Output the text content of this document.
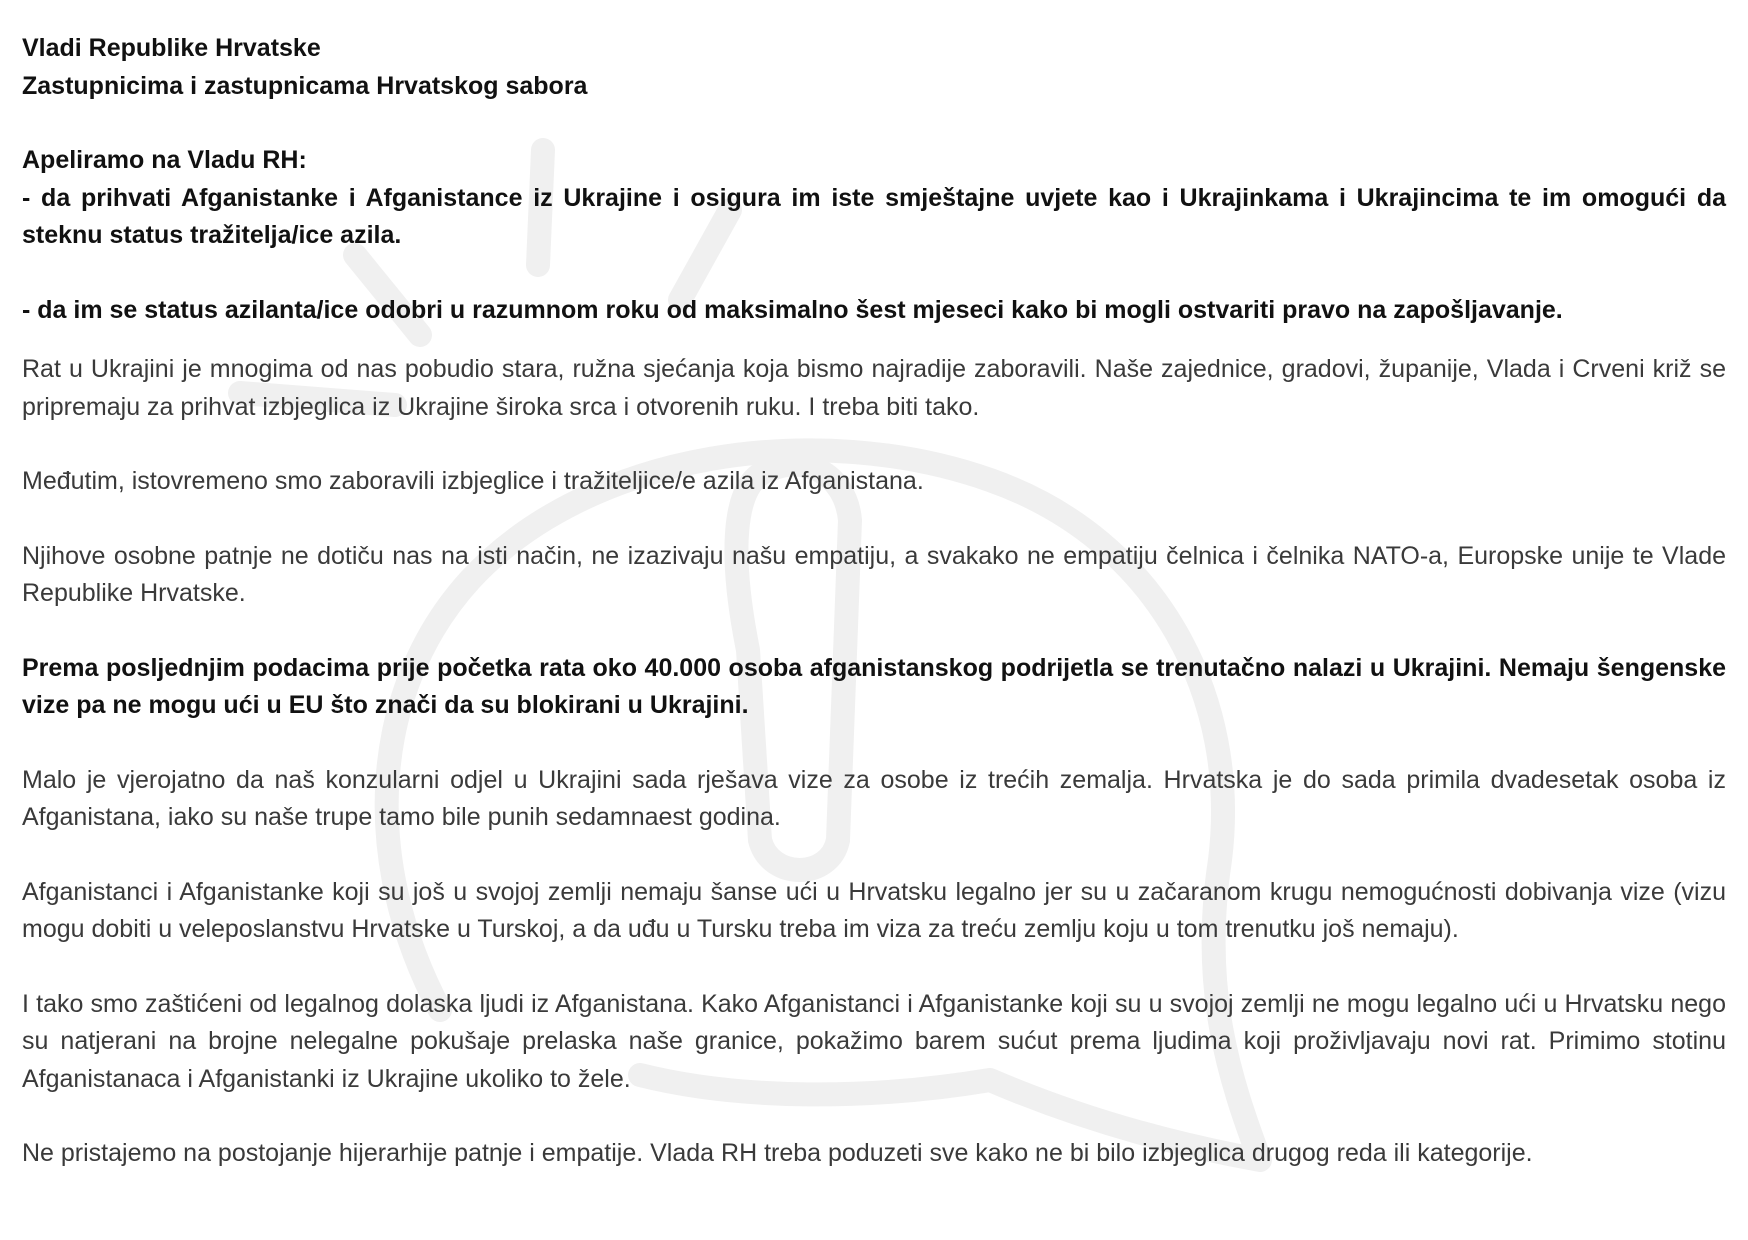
Vladi Republike Hrvatske

Zastupnicima i zastupnicama Hrvatskog sabora

Apeliramo na Vladu RH:

- da prihvati Afganistanke i Afganistance iz Ukrajine i osigura im iste smještajne uvjete kao i Ukrajinkama i Ukrajincima te im omogući da steknu status tražitelja/ice azila.

- da im se status azilanta/ice odobri u razumnom roku od maksimalno šest mjeseci kako bi mogli ostvariti pravo na zapošljavanje.

Rat u Ukrajini je mnogima od nas pobudio stara, ružna sjećanja koja bismo najradije zaboravili. Naše zajednice, gradovi, županije, Vlada i Crveni križ se pripremaju za prihvat izbjeglica iz Ukrajine široka srca i otvorenih ruku. I treba biti tako.

Međutim, istovremeno smo zaboravili izbjeglice i tražiteljice/e azila iz Afganistana.

Njihove osobne patnje ne dotiču nas na isti način, ne izazivaju našu empatiju, a svakako ne empatiju čelnica i čelnika NATO-a, Europske unije te Vlade Republike Hrvatske.

Prema posljednjim podacima prije početka rata oko 40.000 osoba afganistanskog podrijetla se trenutačno nalazi u Ukrajini. Nemaju šengenske vize pa ne mogu ući u EU što znači da su blokirani u Ukrajini.

Malo je vjerojatno da naš konzularni odjel u Ukrajini sada rješava vize za osobe iz trećih zemalja. Hrvatska je do sada primila dvadesetak osoba iz Afganistana, iako su naše trupe tamo bile punih sedamnaest godina.

Afganistanci i Afganistanke koji su još u svojoj zemlji nemaju šanse ući u Hrvatsku legalno jer su u začaranom krugu nemogućnosti dobivanja vize (vizu mogu dobiti u veleposlanstvu Hrvatske u Turskoj, a da uđu u Tursku treba im viza za treću zemlju koju u tom trenutku još nemaju).

I tako smo zaštićeni od legalnog dolaska ljudi iz Afganistana. Kako Afganistanci i Afganistanke koji su u svojoj zemlji ne mogu legalno ući u Hrvatsku nego su natjerani na brojne nelegalne pokušaje prelaska naše granice, pokažimo barem sućut prema ljudima koji proživljavaju novi rat. Primimo stotinu Afganistanaca i Afganistanki iz Ukrajine ukoliko to žele.

Ne pristajemo na postojanje hijerarhije patnje i empatije. Vlada RH treba poduzeti sve kako ne bi bilo izbjeglica drugog reda ili kategorije.
